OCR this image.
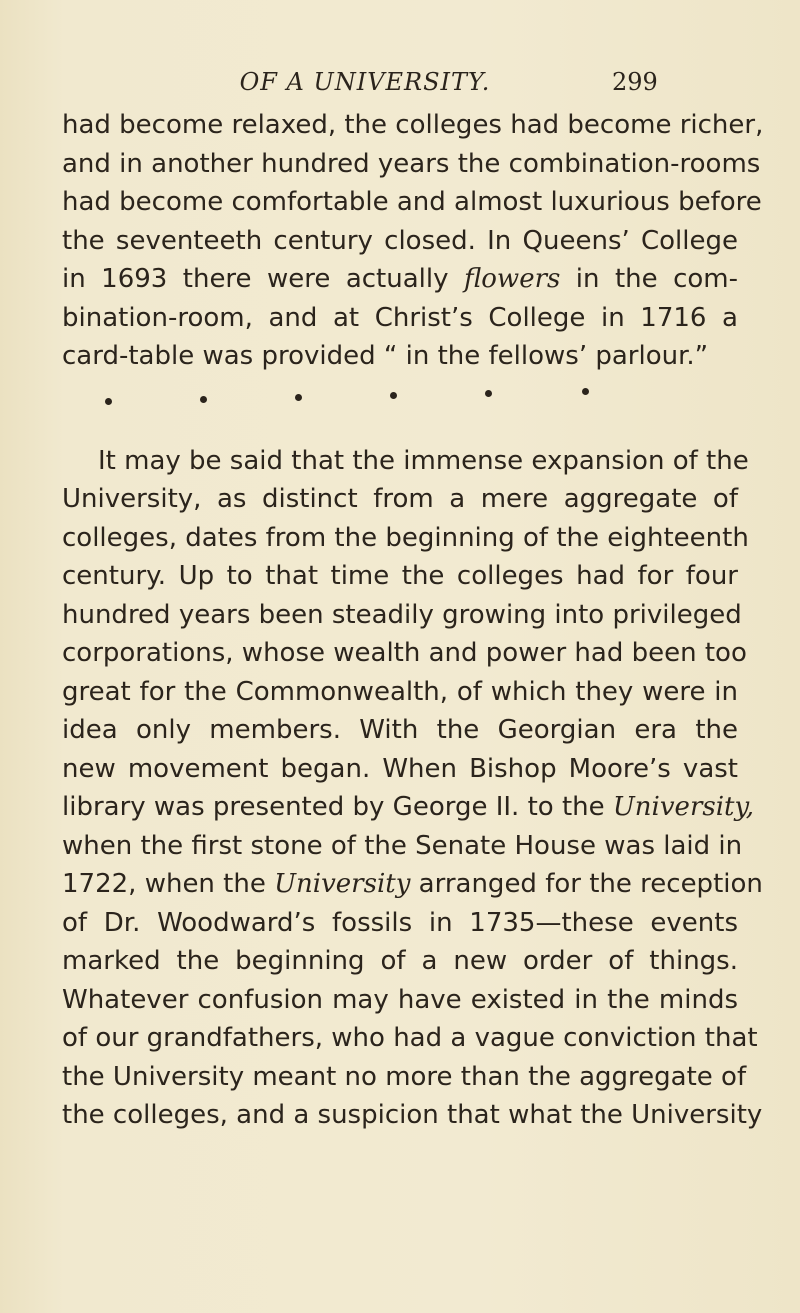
OF A UNIVERSITY.	299
had become relaxed, the colleges had become richer,
and in another hundred years the combination-rooms
had become comfortable and almost luxurious before
the seventeeth century closed. In Queens’ College
in 1693 there were actually flowers in the com-
bination-room, and at Christ’s College in 1716 a
card-table was provided “ in the fellows’ parlour.”
It may be said that the immense expansion of the
University, as distinct from a mere aggregate of
colleges, dates from the beginning of the eighteenth
century. Up to that time the colleges had for four
hundred years been steadily growing into privileged
corporations, whose wealth and power had been too
great for the Commonwealth, of which they were in
idea only members. With the Georgian era the
new movement began. When Bishop Moore’s vast
library was presented by George II. to the University,
when the first stone of the Senate House was laid in
1722, when the University arranged for the reception
of Dr. Woodward’s fossils in 1735—these events
marked the beginning of a new order of things.
Whatever confusion may have existed in the minds
of our grandfathers, who had a vague conviction that
the University meant no more than the aggregate of
the colleges, and a suspicion that what the University
